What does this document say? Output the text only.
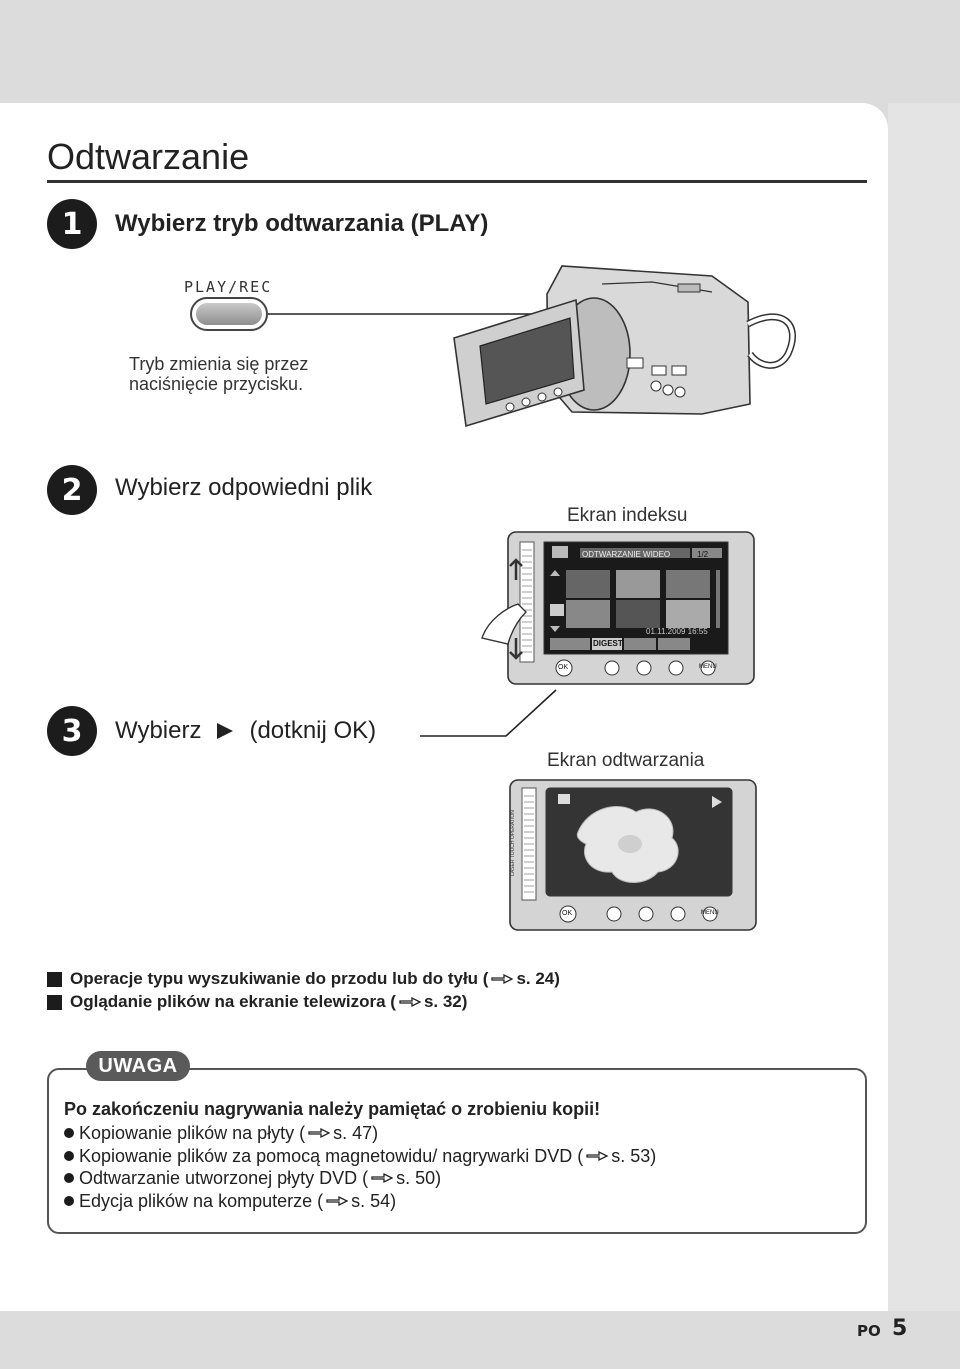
Odtwarzanie
1	Wybierz tryb odtwarzania (PLAY)
PLAY/REC
Tryb zmienia się przez
naciśnięcie przycisku.
2	Wybierz odpowiedni plik
Ekran indeksu
ODTWARZANIE WIDEO	1/2
01.11.2009 16:55
DIGEST
OK	MENU
3	Wybierz (dotknij OK)
Ekran odtwarzania
LASER TOUCH OPERATION
OK	MENU
Operacje typu wyszukiwanie do przodu lub do tyłu ( s. 24)
Oglądanie plików na ekranie telewizora ( s. 32)
UWAGA
Po zakończeniu nagrywania należy pamiętać o zrobieniu kopii!
Kopiowanie plików na płyty ( s. 47)
Kopiowanie plików za pomocą magnetowidu/ nagrywarki DVD ( s. 53)
Odtwarzanie utworzonej płyty DVD ( s. 50)
Edycja plików na komputerze ( s. 54)
PO 5
